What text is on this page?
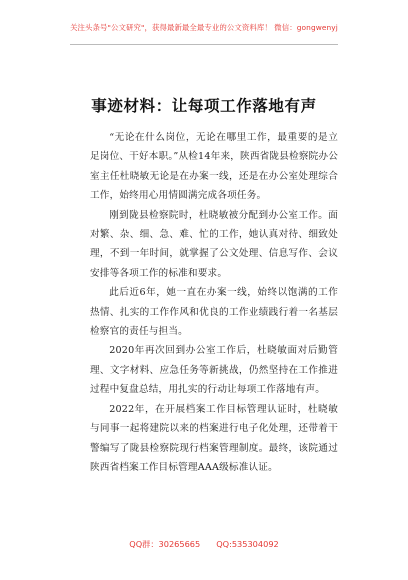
关注头条号"公文研究"，获得最新最全最专业的公文资料库！ 微信：gongwenyj
事迹材料：让每项工作落地有声

“无论在什么岗位，无论在哪里工作，最重要的是立足岗位、干好本职。”从检14年来，陕西省陇县检察院办公室主任杜晓敏无论是在办案一线，还是在办公室处理综合工作，始终用心用情圆满完成各项任务。

刚到陇县检察院时，杜晓敏被分配到办公室工作。面对繁、杂、细、急、难、忙的工作，她认真对待、细致处理，不到一年时间，就掌握了公文处理、信息写作、会议安排等各项工作的标准和要求。

此后近6年，她一直在办案一线，始终以饱满的工作热情、扎实的工作作风和优良的工作业绩践行着一名基层检察官的责任与担当。

2020年再次回到办公室工作后，杜晓敏面对后勤管理、文字材料、应急任务等新挑战，仍然坚持在工作推进过程中复盘总结，用扎实的行动让每项工作落地有声。

2022年，在开展档案工作目标管理认证时，杜晓敏与同事一起将建院以来的档案进行电子化处理，还带着干警编写了陇县检察院现行档案管理制度。最终，该院通过陕西省档案工作目标管理AAA级标准认证。

QQ群：30265665 QQ:535304092
